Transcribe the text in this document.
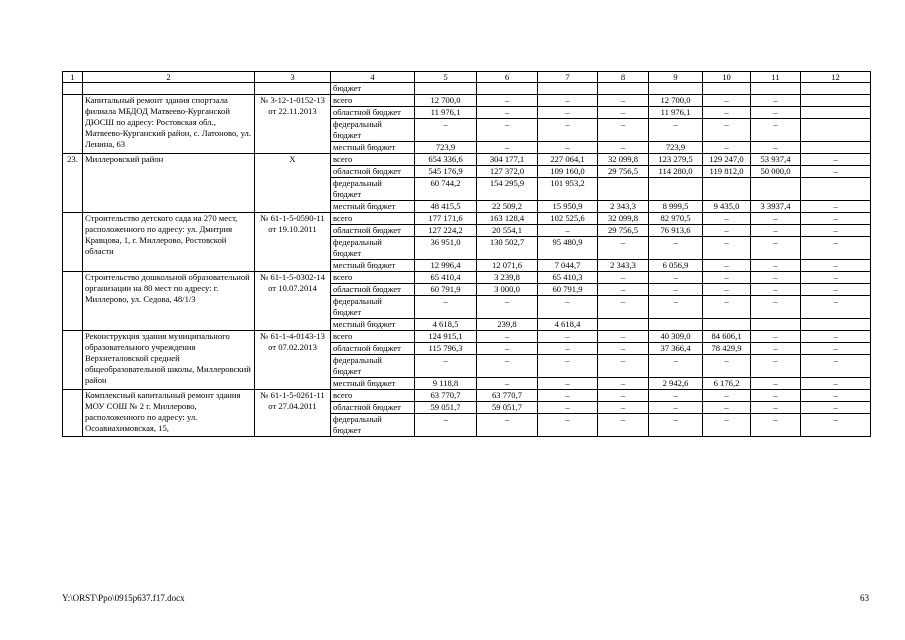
1	2	3	4	5	6	7	8	9	10	11	12
			бюджет								
	Капитальный ремонт здания спортзала филиала МБДОД Матвеево-Курганской ДЮСШ по адресу: Ростовская обл., Матвеево-Курганский район, с. Латоново, ул. Ленина, 63	№ 3-12-1-0152-13 от 22.11.2013	всего	12 700,0	–	–	–	12 700,0	–	–	
			областной бюджет	11 976,1	–	–	–	11 976,1	–	–	
			федеральный бюджет	–	–	–	–	–	–	–	
			местный бюджет	723,9	–	–	–	723,9	–	–	
23.	Миллеровский район	Х	всего	654 336,6	304 177,1	227 064,1	32 099,8	123 279,5	129 247,0	53 937,4	–
			областной бюджет	545 176,9	127 372,0	109 160,0	29 756,5	114 280,0	119 812,0	50 000,0	–
			федеральный бюджет	60 744,2	154 295,9	101 953,2					
			местный бюджет	48 415,5	22 509,2	15 950,9	2 343,3	8 999,5	9 435,0	3 3937,4	–
	Строительство детского сада на 270 мест, расположенного по адресу: ул. Дмитрия Кравцова, 1, г. Миллерово, Ростовской области	№ 61-1-5-0590-11 от 19.10.2011	всего	177 171,6	163 128,4	102 525,6	32 099,8	82 970,5	–	–	–
			областной бюджет	127 224,2	20 554,1	–	29 756,5	76 913,6	–	–	–
			федеральный бюджет	36 951,0	130 502,7	95 480,9	–	–	–	–	–
			местный бюджет	12 996,4	12 071,6	7 044,7	2 343,3	6 056,9	–	–	–
	Строительство дошкольной образовательной организации на 80 мест по адресу: г. Миллерово, ул. Седова, 48/1/3	№ 61-1-5-0302-14 от 10.07.2014	всего	65 410,4	3 239,8	65 410,3	–	–	–	–	–
			областной бюджет	60 791,9	3 000,0	60 791,9	–	–	–	–	–
			федеральный бюджет	–	–	–	–	–	–	–	–
			местный бюджет	4 618,5	239,8	4 618,4					
	Реконструкция здания муниципального образовательного учреждения Верхнеталовской средней общеобразовательной школы, Миллеровский район	№ 61-1-4-0143-13 от 07.02.2013	всего	124 915,1	–	–	–	40 309,0	84 606,1	–	–
			областной бюджет	115 796,3	–	–	–	37 366,4	78 429,9	–	–
			федеральный бюджет	–	–	–	–	–	–	–	–
			местный бюджет	9 118,8	–	–	–	2 942,6	6 176,2	–	–
	Комплексный капитальный ремонт здания МОУ СОШ № 2 г. Миллерово, расположенного по адресу: ул. Осоавиахимовская, 15,	№ 61-1-5-0261-11 от 27.04.2011	всего	63 770,7	63 770,7	–	–	–	–	–	–
			областной бюджет	59 051,7	59 051,7	–	–	–	–	–	–
			федеральный бюджет	–	–	–	–	–	–	–	–
Y:\ORST\Ppo\0915p637.f17.docx	63
